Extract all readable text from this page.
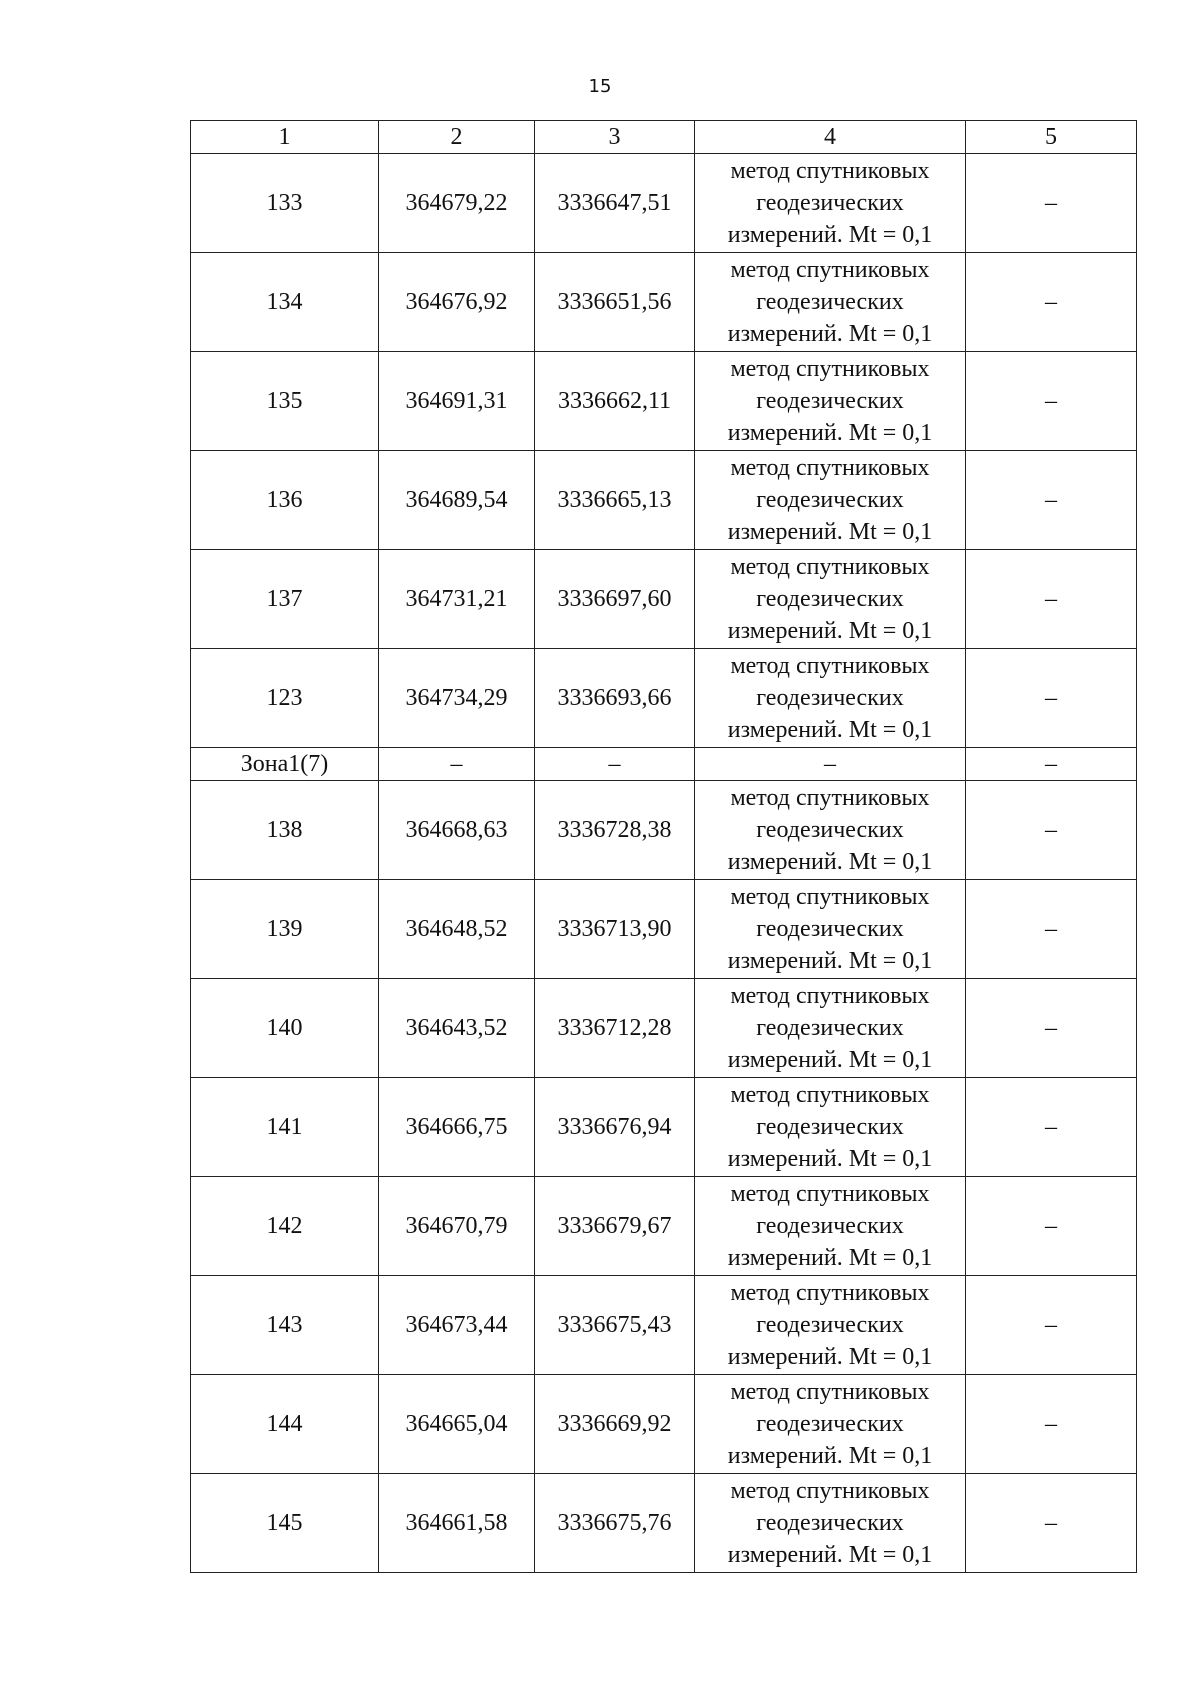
15
1	2	3	4	5
133	364679,22	3336647,51	метод спутниковых
геодезических
измерений. Mt = 0,1	–
134	364676,92	3336651,56	метод спутниковых
геодезических
измерений. Mt = 0,1	–
135	364691,31	3336662,11	метод спутниковых
геодезических
измерений. Mt = 0,1	–
136	364689,54	3336665,13	метод спутниковых
геодезических
измерений. Mt = 0,1	–
137	364731,21	3336697,60	метод спутниковых
геодезических
измерений. Mt = 0,1	–
123	364734,29	3336693,66	метод спутниковых
геодезических
измерений. Mt = 0,1	–
Зона1(7)	–	–	–	–
138	364668,63	3336728,38	метод спутниковых
геодезических
измерений. Mt = 0,1	–
139	364648,52	3336713,90	метод спутниковых
геодезических
измерений. Mt = 0,1	–
140	364643,52	3336712,28	метод спутниковых
геодезических
измерений. Mt = 0,1	–
141	364666,75	3336676,94	метод спутниковых
геодезических
измерений. Mt = 0,1	–
142	364670,79	3336679,67	метод спутниковых
геодезических
измерений. Mt = 0,1	–
143	364673,44	3336675,43	метод спутниковых
геодезических
измерений. Mt = 0,1	–
144	364665,04	3336669,92	метод спутниковых
геодезических
измерений. Mt = 0,1	–
145	364661,58	3336675,76	метод спутниковых
геодезических
измерений. Mt = 0,1	–
